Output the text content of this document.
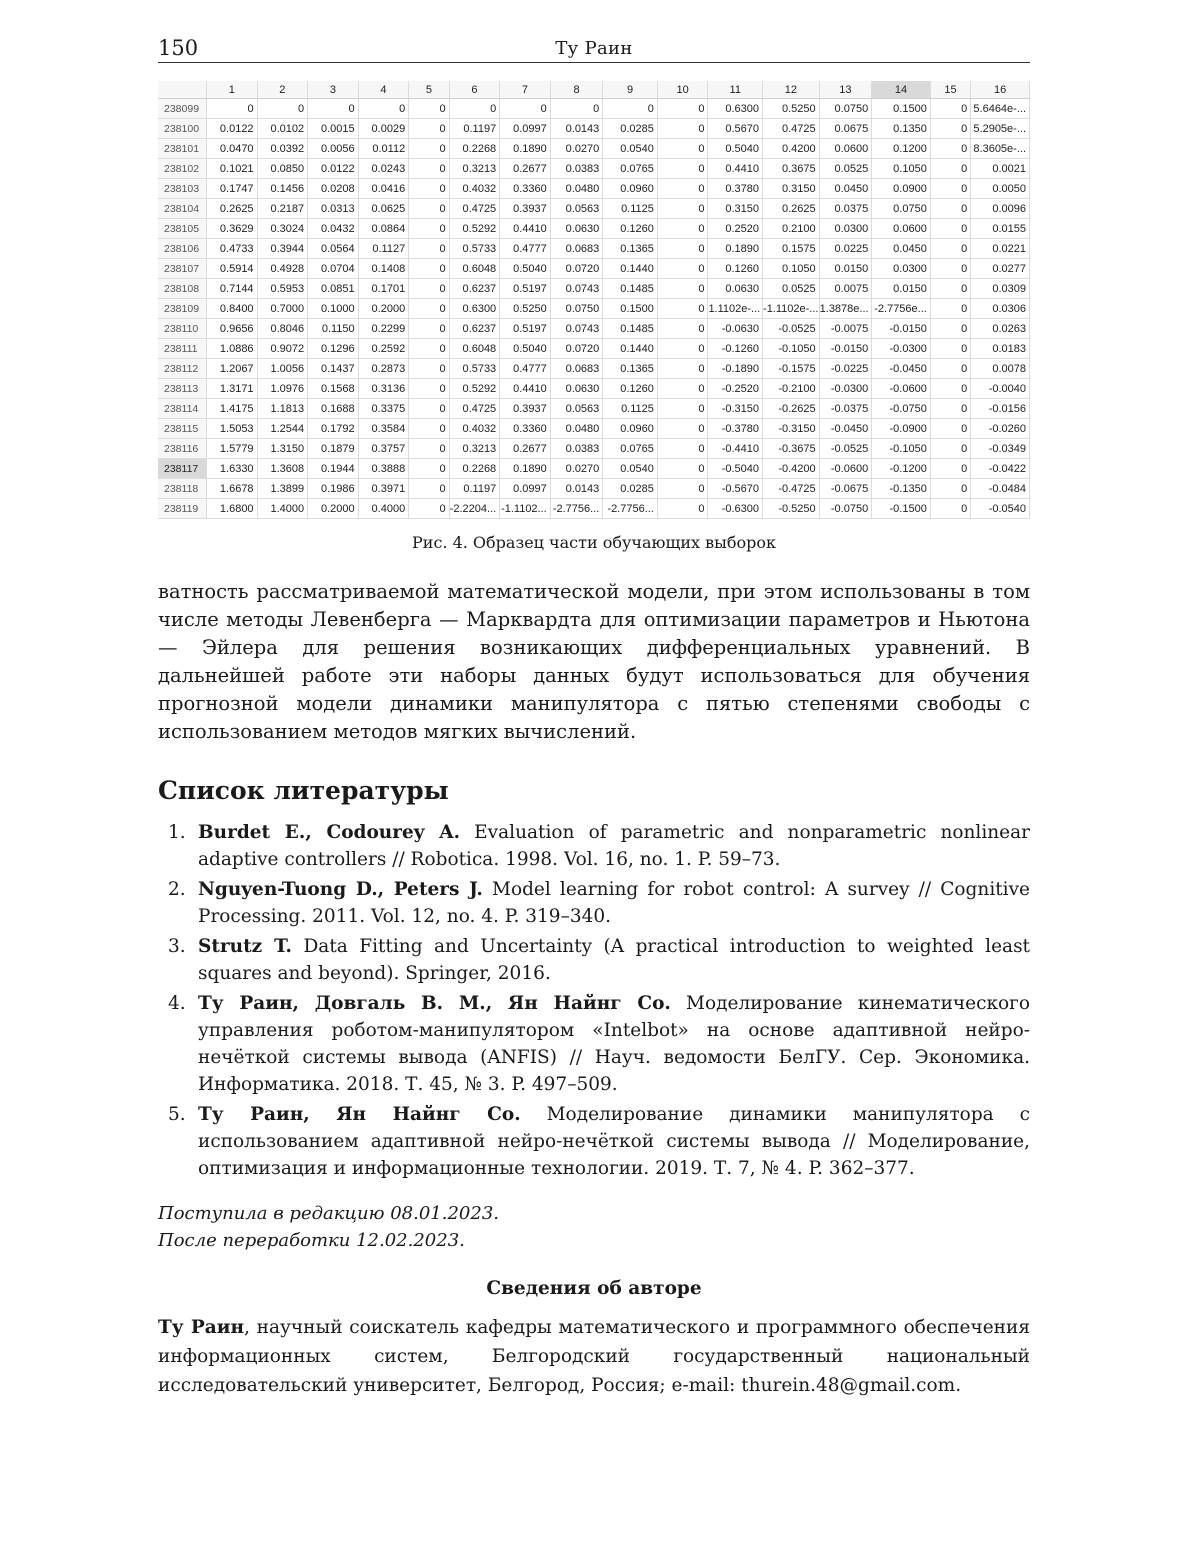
150	Ту Раин
	1	2	3	4	5	6	7	8	9	10	11	12	13	14	15	16
238099	0	0	0	0	0	0	0	0	0	0	0.6300	0.5250	0.0750	0.1500	0	5.6464e-...
238100	0.0122	0.0102	0.0015	0.0029	0	0.1197	0.0997	0.0143	0.0285	0	0.5670	0.4725	0.0675	0.1350	0	5.2905e-...
238101	0.0470	0.0392	0.0056	0.0112	0	0.2268	0.1890	0.0270	0.0540	0	0.5040	0.4200	0.0600	0.1200	0	8.3605e-...
238102	0.1021	0.0850	0.0122	0.0243	0	0.3213	0.2677	0.0383	0.0765	0	0.4410	0.3675	0.0525	0.1050	0	0.0021
238103	0.1747	0.1456	0.0208	0.0416	0	0.4032	0.3360	0.0480	0.0960	0	0.3780	0.3150	0.0450	0.0900	0	0.0050
238104	0.2625	0.2187	0.0313	0.0625	0	0.4725	0.3937	0.0563	0.1125	0	0.3150	0.2625	0.0375	0.0750	0	0.0096
238105	0.3629	0.3024	0.0432	0.0864	0	0.5292	0.4410	0.0630	0.1260	0	0.2520	0.2100	0.0300	0.0600	0	0.0155
238106	0.4733	0.3944	0.0564	0.1127	0	0.5733	0.4777	0.0683	0.1365	0	0.1890	0.1575	0.0225	0.0450	0	0.0221
238107	0.5914	0.4928	0.0704	0.1408	0	0.6048	0.5040	0.0720	0.1440	0	0.1260	0.1050	0.0150	0.0300	0	0.0277
238108	0.7144	0.5953	0.0851	0.1701	0	0.6237	0.5197	0.0743	0.1485	0	0.0630	0.0525	0.0075	0.0150	0	0.0309
238109	0.8400	0.7000	0.1000	0.2000	0	0.6300	0.5250	0.0750	0.1500	0	1.1102e-...	-1.1102e-...	1.3878e...	-2.7756e...	0	0.0306
238110	0.9656	0.8046	0.1150	0.2299	0	0.6237	0.5197	0.0743	0.1485	0	-0.0630	-0.0525	-0.0075	-0.0150	0	0.0263
238111	1.0886	0.9072	0.1296	0.2592	0	0.6048	0.5040	0.0720	0.1440	0	-0.1260	-0.1050	-0.0150	-0.0300	0	0.0183
238112	1.2067	1.0056	0.1437	0.2873	0	0.5733	0.4777	0.0683	0.1365	0	-0.1890	-0.1575	-0.0225	-0.0450	0	0.0078
238113	1.3171	1.0976	0.1568	0.3136	0	0.5292	0.4410	0.0630	0.1260	0	-0.2520	-0.2100	-0.0300	-0.0600	0	-0.0040
238114	1.4175	1.1813	0.1688	0.3375	0	0.4725	0.3937	0.0563	0.1125	0	-0.3150	-0.2625	-0.0375	-0.0750	0	-0.0156
238115	1.5053	1.2544	0.1792	0.3584	0	0.4032	0.3360	0.0480	0.0960	0	-0.3780	-0.3150	-0.0450	-0.0900	0	-0.0260
238116	1.5779	1.3150	0.1879	0.3757	0	0.3213	0.2677	0.0383	0.0765	0	-0.4410	-0.3675	-0.0525	-0.1050	0	-0.0349
238117	1.6330	1.3608	0.1944	0.3888	0	0.2268	0.1890	0.0270	0.0540	0	-0.5040	-0.4200	-0.0600	-0.1200	0	-0.0422
238118	1.6678	1.3899	0.1986	0.3971	0	0.1197	0.0997	0.0143	0.0285	0	-0.5670	-0.4725	-0.0675	-0.1350	0	-0.0484
238119	1.6800	1.4000	0.2000	0.4000	0	-2.2204...	-1.1102...	-2.7756...	-2.7756...	0	-0.6300	-0.5250	-0.0750	-0.1500	0	-0.0540
Рис. 4. Образец части обучающих выборок

ватность рассматриваемой математической модели, при этом использованы в том числе методы Левенберга — Марквардта для оптимизации параметров и Ньютона — Эйлера для решения возникающих дифференциальных уравнений. В дальнейшей работе эти наборы данных будут использоваться для обучения прогнозной модели динамики манипулятора с пятью степенями свободы с использованием методов мягких вычислений.

Список литературы
1. Burdet E., Codourey A. Evaluation of parametric and nonparametric nonlinear adaptive controllers // Robotica. 1998. Vol. 16, no. 1. P. 59–73.
2. Nguyen-Tuong D., Peters J. Model learning for robot control: A survey // Cognitive Processing. 2011. Vol. 12, no. 4. P. 319–340.
3. Strutz T. Data Fitting and Uncertainty (A practical introduction to weighted least squares and beyond). Springer, 2016.
4. Ту Раин, Довгаль В. М., Ян Найнг Со. Моделирование кинематического управления роботом-манипулятором «Intelbot» на основе адаптивной нейро-нечёткой системы вывода (ANFIS) // Науч. ведомости БелГУ. Сер. Экономика. Информатика. 2018. Т. 45, № 3. P. 497–509.
5. Ту Раин, Ян Найнг Со. Моделирование динамики манипулятора с использованием адаптивной нейро-нечёткой системы вывода // Моделирование, оптимизация и информационные технологии. 2019. Т. 7, № 4. P. 362–377.
Поступила в редакцию 08.01.2023.
После переработки 12.02.2023.
Сведения об авторе

Ту Раин, научный соискатель кафедры математического и программного обеспечения информационных систем, Белгородский государственный национальный исследовательский университет, Белгород, Россия; e-mail: thurein.48@gmail.com.
